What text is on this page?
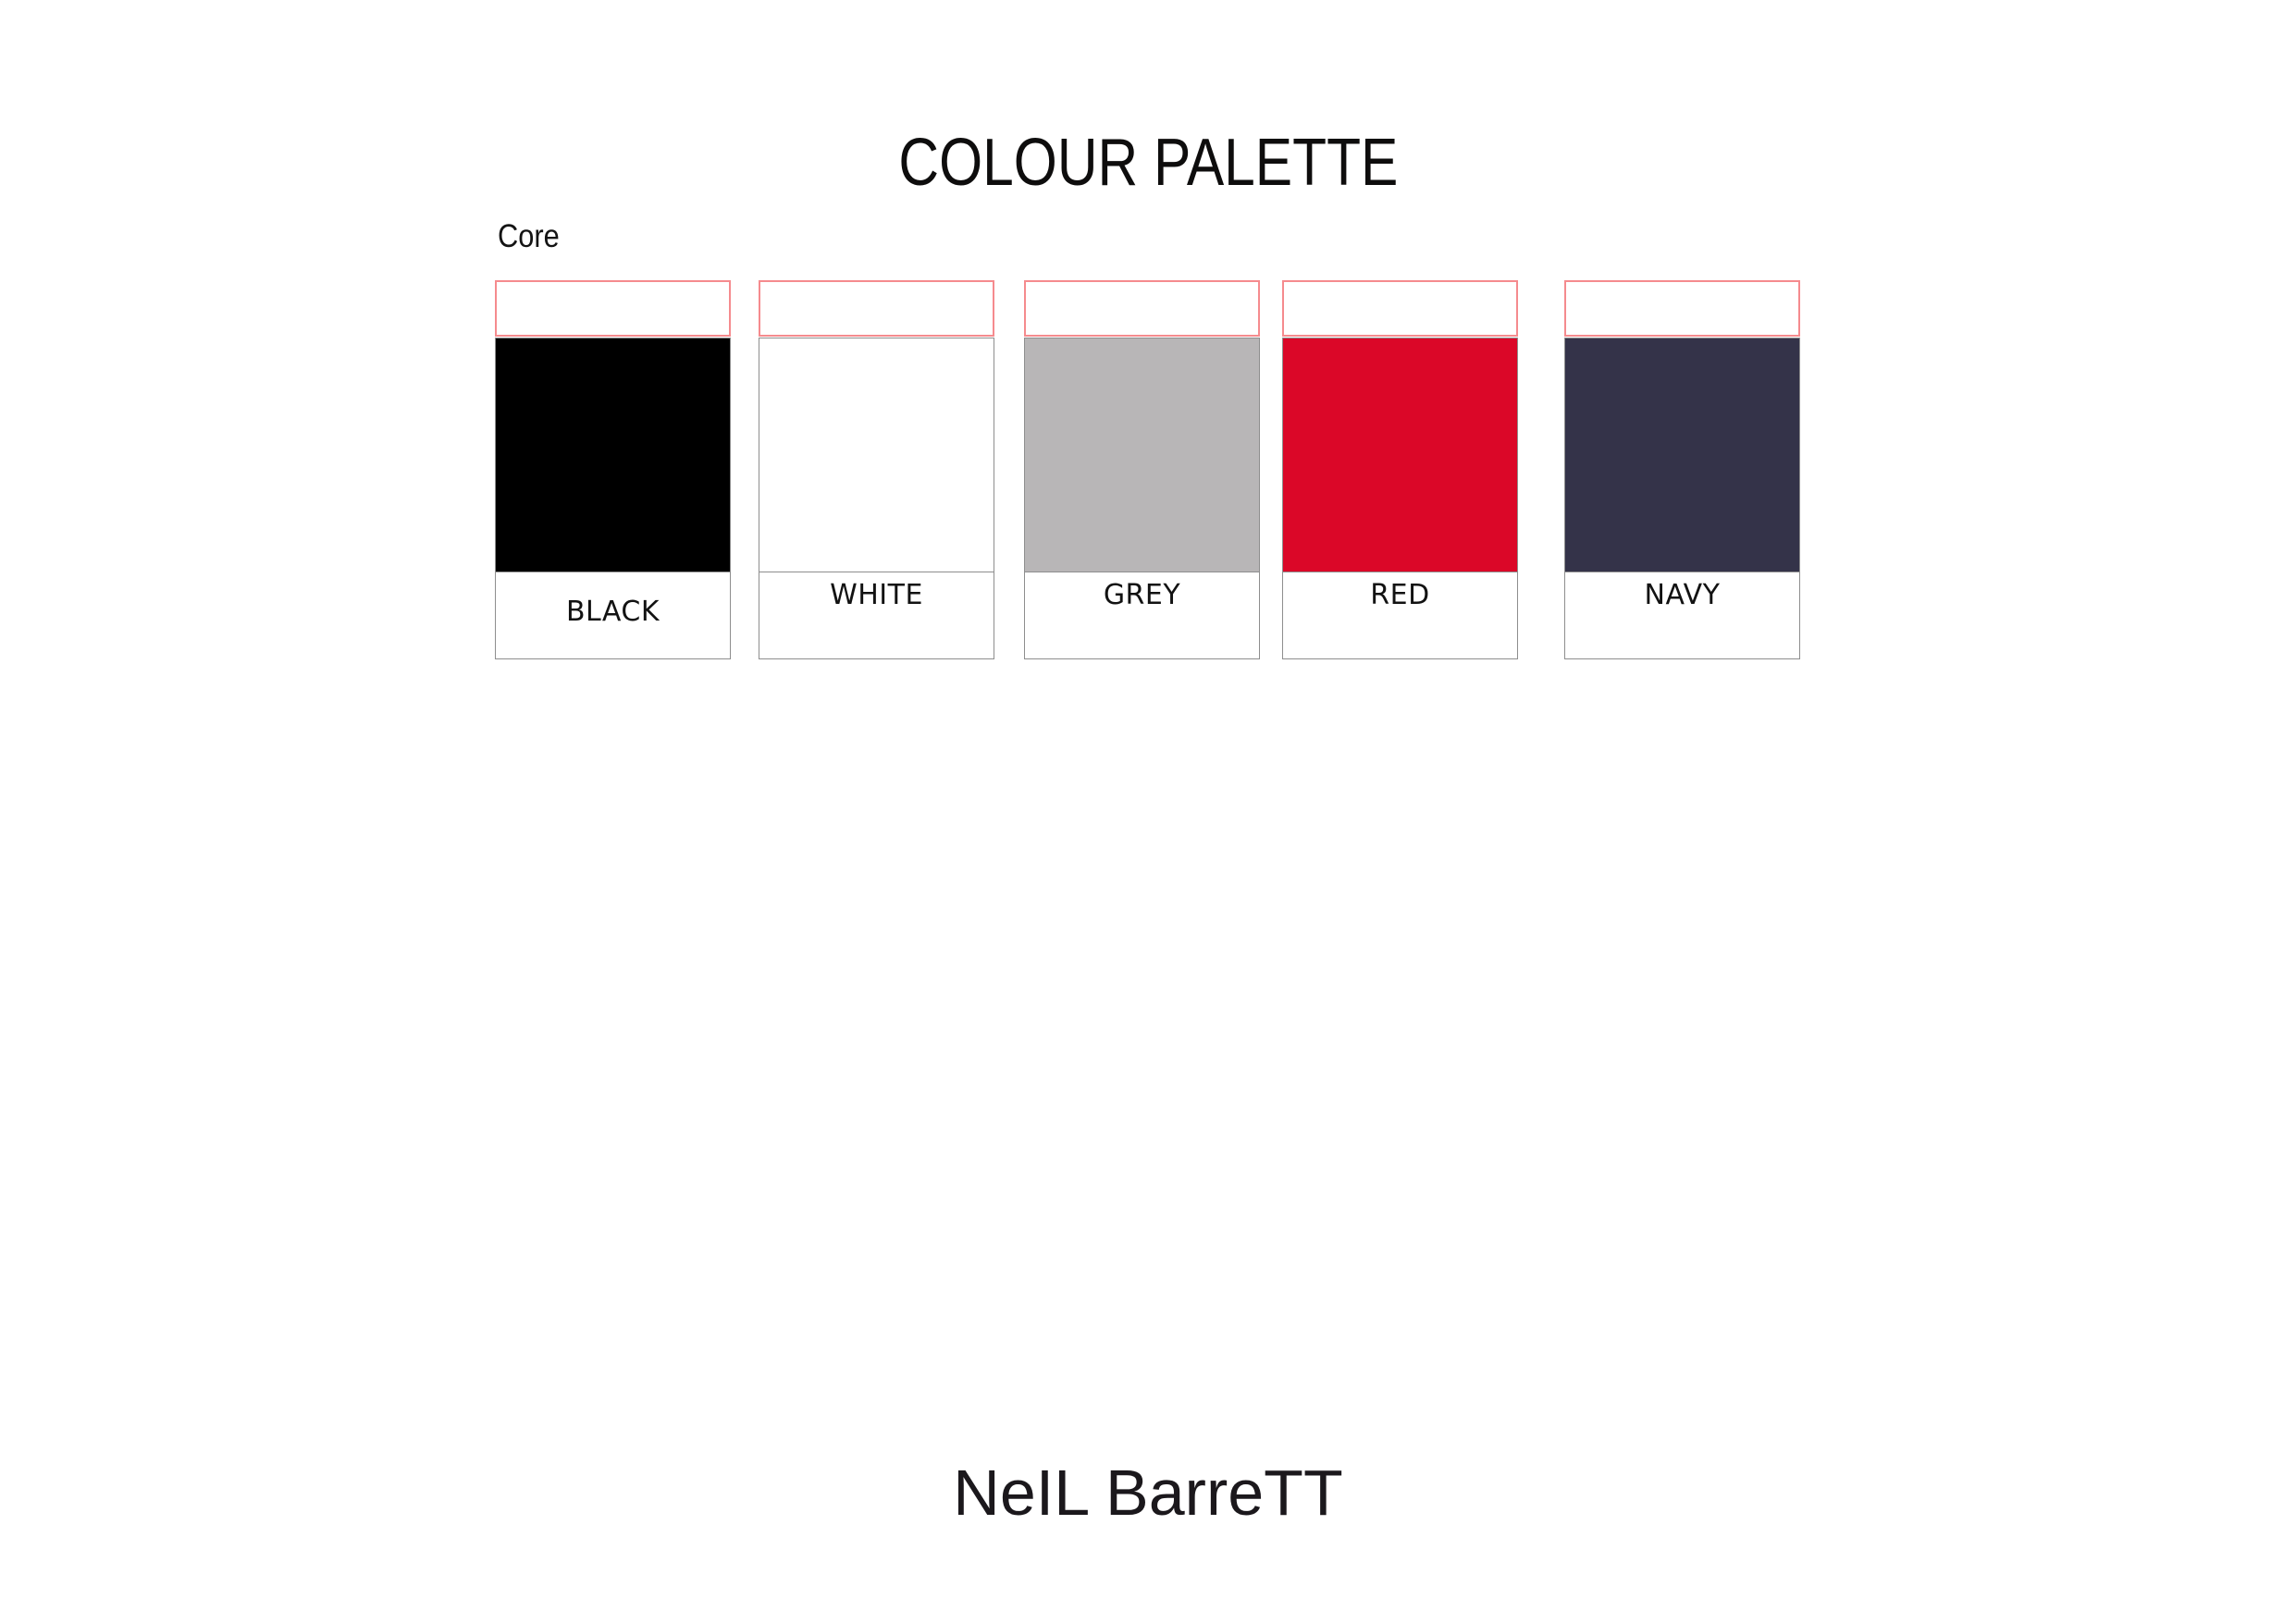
COLOUR PALETTE
Core
BLACK
WHITE	GREY	RED	NAVY
NeIL BarreTT
